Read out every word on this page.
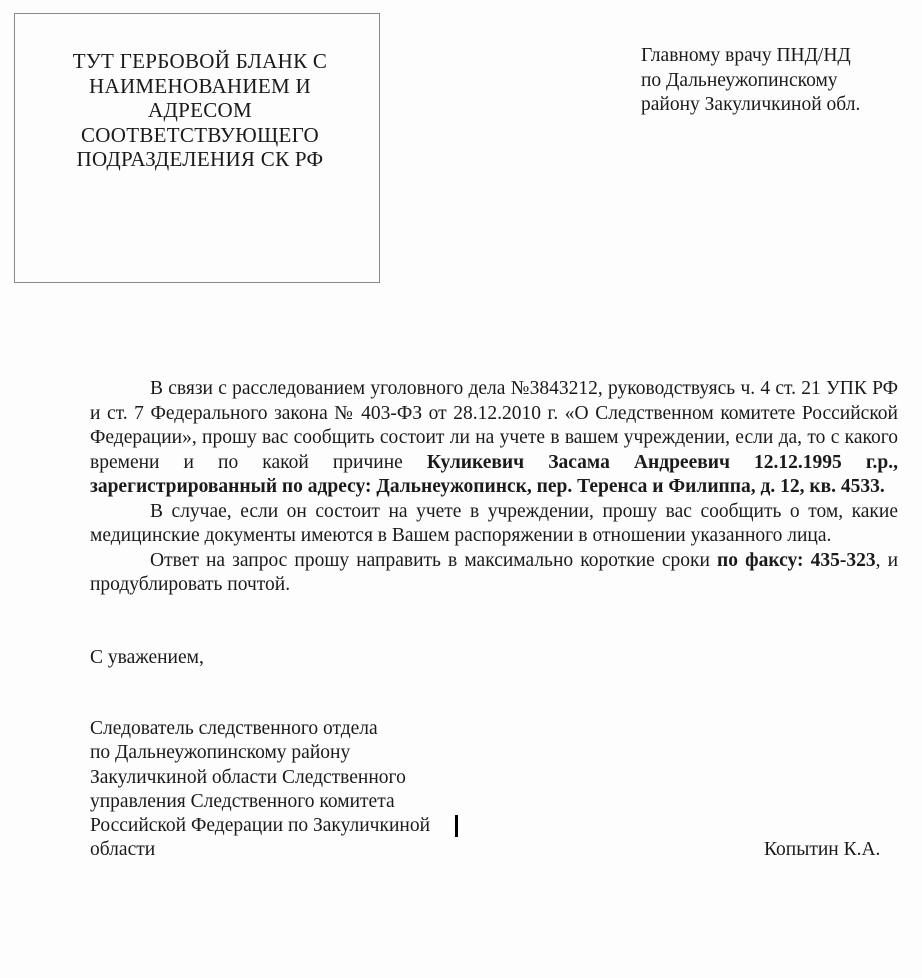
ТУТ ГЕРБОВОЙ БЛАНК С
НАИМЕНОВАНИЕМ И АДРЕСОМ
СООТВЕТСТВУЮЩЕГО
ПОДРАЗДЕЛЕНИЯ СК РФ
Главному врачу ПНД/НД
по Дальнеужопинскому
району Закуличкиной обл.

В связи с расследованием уголовного дела №3843212, руководствуясь ч. 4 ст. 21 УПК РФ и ст. 7 Федерального закона № 403-ФЗ от 28.12.2010 г. «О Следственном комитете Российской Федерации», прошу вас сообщить состоит ли на учете в вашем учреждении, если да, то с какого времени и по какой причине Куликевич Засама Андреевич 12.12.1995 г.р., зарегистрированный по адресу: Дальнеужопинск, пер. Теренса и Филиппа, д. 12, кв. 4533.

В случае, если он состоит на учете в учреждении, прошу вас сообщить о том, какие медицинские документы имеются в Вашем распоряжении в отношении указанного лица.

Ответ на запрос прошу направить в максимально короткие сроки по факсу: 435-323, и продублировать почтой.

С уважением,
Следователь следственного отдела
по Дальнеужопинскому району
Закуличкиной области Следственного
управления Следственного комитета
Российской Федерации по Закуличкиной
области	Копытин К.А.
